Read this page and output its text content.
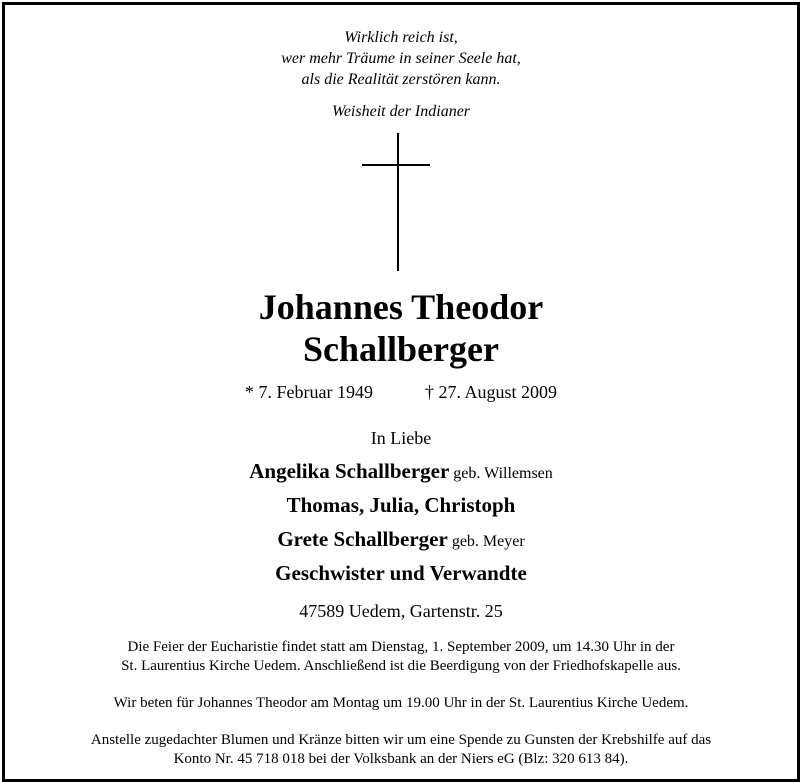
Wirklich reich ist,
wer mehr Träume in seiner Seele hat,
als die Realität zerstören kann.
Weisheit der Indianer
Johannes Theodor
Schallberger
* 7. Februar 1949	† 27. August 2009
In Liebe
Angelika Schallberger geb. Willemsen
Thomas, Julia, Christoph
Grete Schallberger geb. Meyer
Geschwister und Verwandte
47589 Uedem, Gartenstr. 25
Die Feier der Eucharistie findet statt am Dienstag, 1. September 2009, um 14.30 Uhr in der
St. Laurentius Kirche Uedem. Anschließend ist die Beerdigung von der Friedhofskapelle aus.
Wir beten für Johannes Theodor am Montag um 19.00 Uhr in der St. Laurentius Kirche Uedem.
Anstelle zugedachter Blumen und Kränze bitten wir um eine Spende zu Gunsten der Krebshilfe auf das
Konto Nr. 45 718 018 bei der Volksbank an der Niers eG (Blz: 320 613 84).
